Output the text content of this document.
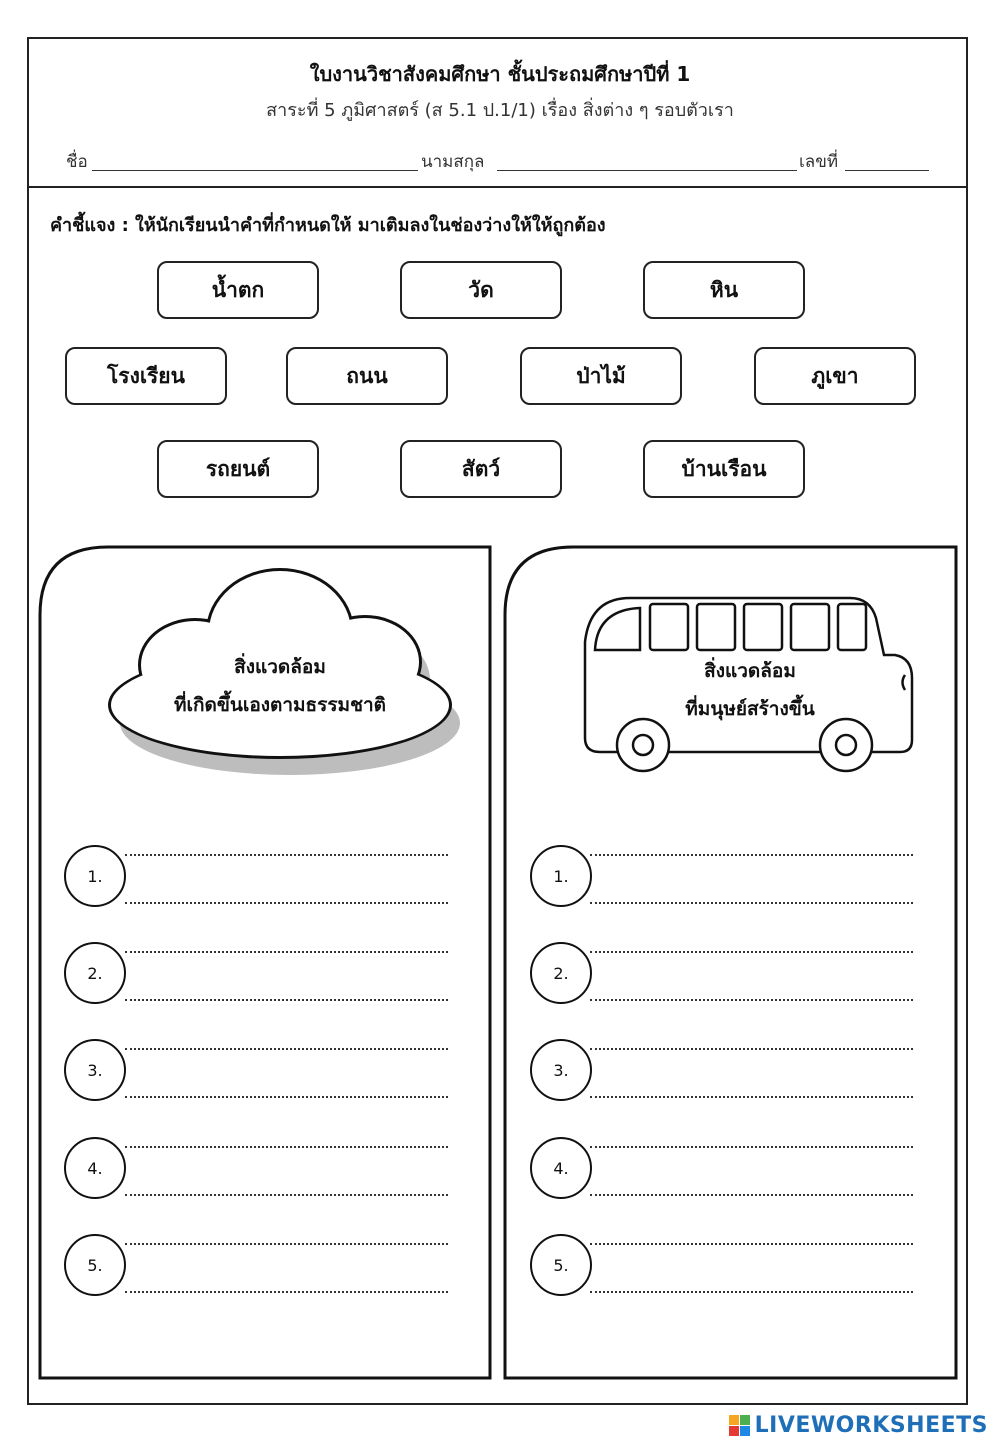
ใบงานวิชาสังคมศึกษา ชั้นประถมศึกษาปีที่ 1
สาระที่ 5 ภูมิศาสตร์ (ส 5.1 ป.1/1) เรื่อง สิ่งต่าง ๆ รอบตัวเรา
ชื่อ	นามสกุล	เลขที่
คำชี้แจง : ให้นักเรียนนำคำที่กำหนดให้ มาเติมลงในช่องว่างให้ให้ถูกต้อง
น้ำตก	วัด	หิน
โรงเรียน	ถนน	ป่าไม้	ภูเขา
รถยนต์	สัตว์	บ้านเรือน
สิ่งแวดล้อม
ที่เกิดขึ้นเองตามธรรมชาติ
สิ่งแวดล้อม
ที่มนุษย์สร้างขึ้น
1.
2.
3.
4.
5.
1.
2.
3.
4.
5.
LIVEWORKSHEETS
